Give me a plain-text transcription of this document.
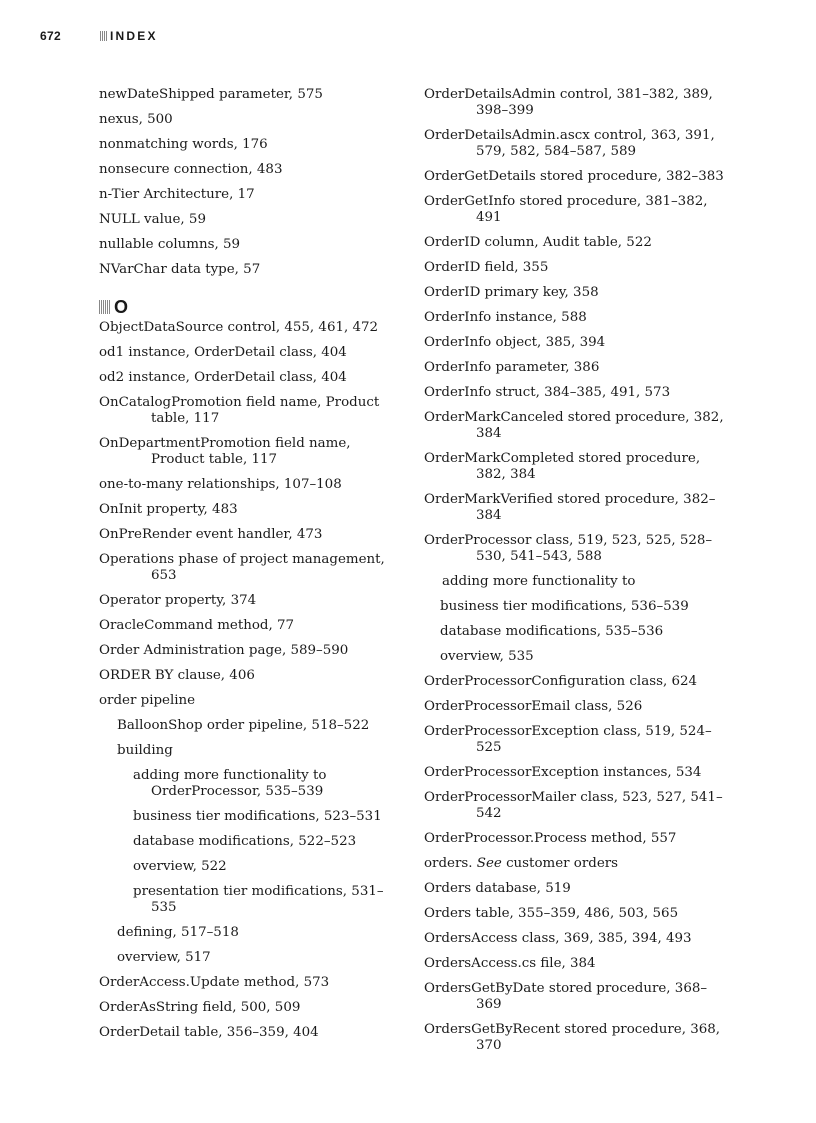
672	INDEX
newDateShipped parameter, 575
nexus, 500
nonmatching words, 176
nonsecure connection, 483
n-Tier Architecture, 17
NULL value, 59
nullable columns, 59
NVarChar data type, 57
O
ObjectDataSource control, 455, 461, 472
od1 instance, OrderDetail class, 404
od2 instance, OrderDetail class, 404
OnCatalogPromotion field name, Product table, 117
OnDepartmentPromotion field name, Product table, 117
one-to-many relationships, 107–108
OnInit property, 483
OnPreRender event handler, 473
Operations phase of project management, 653
Operator property, 374
OracleCommand method, 77
Order Administration page, 589–590
ORDER BY clause, 406
order pipeline
BalloonShop order pipeline, 518–522
building
adding more functionality to OrderProcessor, 535–539
business tier modifications, 523–531
database modifications, 522–523
overview, 522
presentation tier modifications, 531–535
defining, 517–518
overview, 517
OrderAccess.Update method, 573
OrderAsString field, 500, 509
OrderDetail table, 356–359, 404
OrderDetailsAdmin control, 381–382, 389, 398–399
OrderDetailsAdmin.ascx control, 363, 391, 579, 582, 584–587, 589
OrderGetDetails stored procedure, 382–383
OrderGetInfo stored procedure, 381–382, 491
OrderID column, Audit table, 522
OrderID field, 355
OrderID primary key, 358
OrderInfo instance, 588
OrderInfo object, 385, 394
OrderInfo parameter, 386
OrderInfo struct, 384–385, 491, 573
OrderMarkCanceled stored procedure, 382, 384
OrderMarkCompleted stored procedure, 382, 384
OrderMarkVerified stored procedure, 382–384
OrderProcessor class, 519, 523, 525, 528–530, 541–543, 588
adding more functionality to
business tier modifications, 536–539
database modifications, 535–536
overview, 535
OrderProcessorConfiguration class, 624
OrderProcessorEmail class, 526
OrderProcessorException class, 519, 524–525
OrderProcessorException instances, 534
OrderProcessorMailer class, 523, 527, 541–542
OrderProcessor.Process method, 557
orders. See customer orders
Orders database, 519
Orders table, 355–359, 486, 503, 565
OrdersAccess class, 369, 385, 394, 493
OrdersAccess.cs file, 384
OrdersGetByDate stored procedure, 368–369
OrdersGetByRecent stored procedure, 368, 370
